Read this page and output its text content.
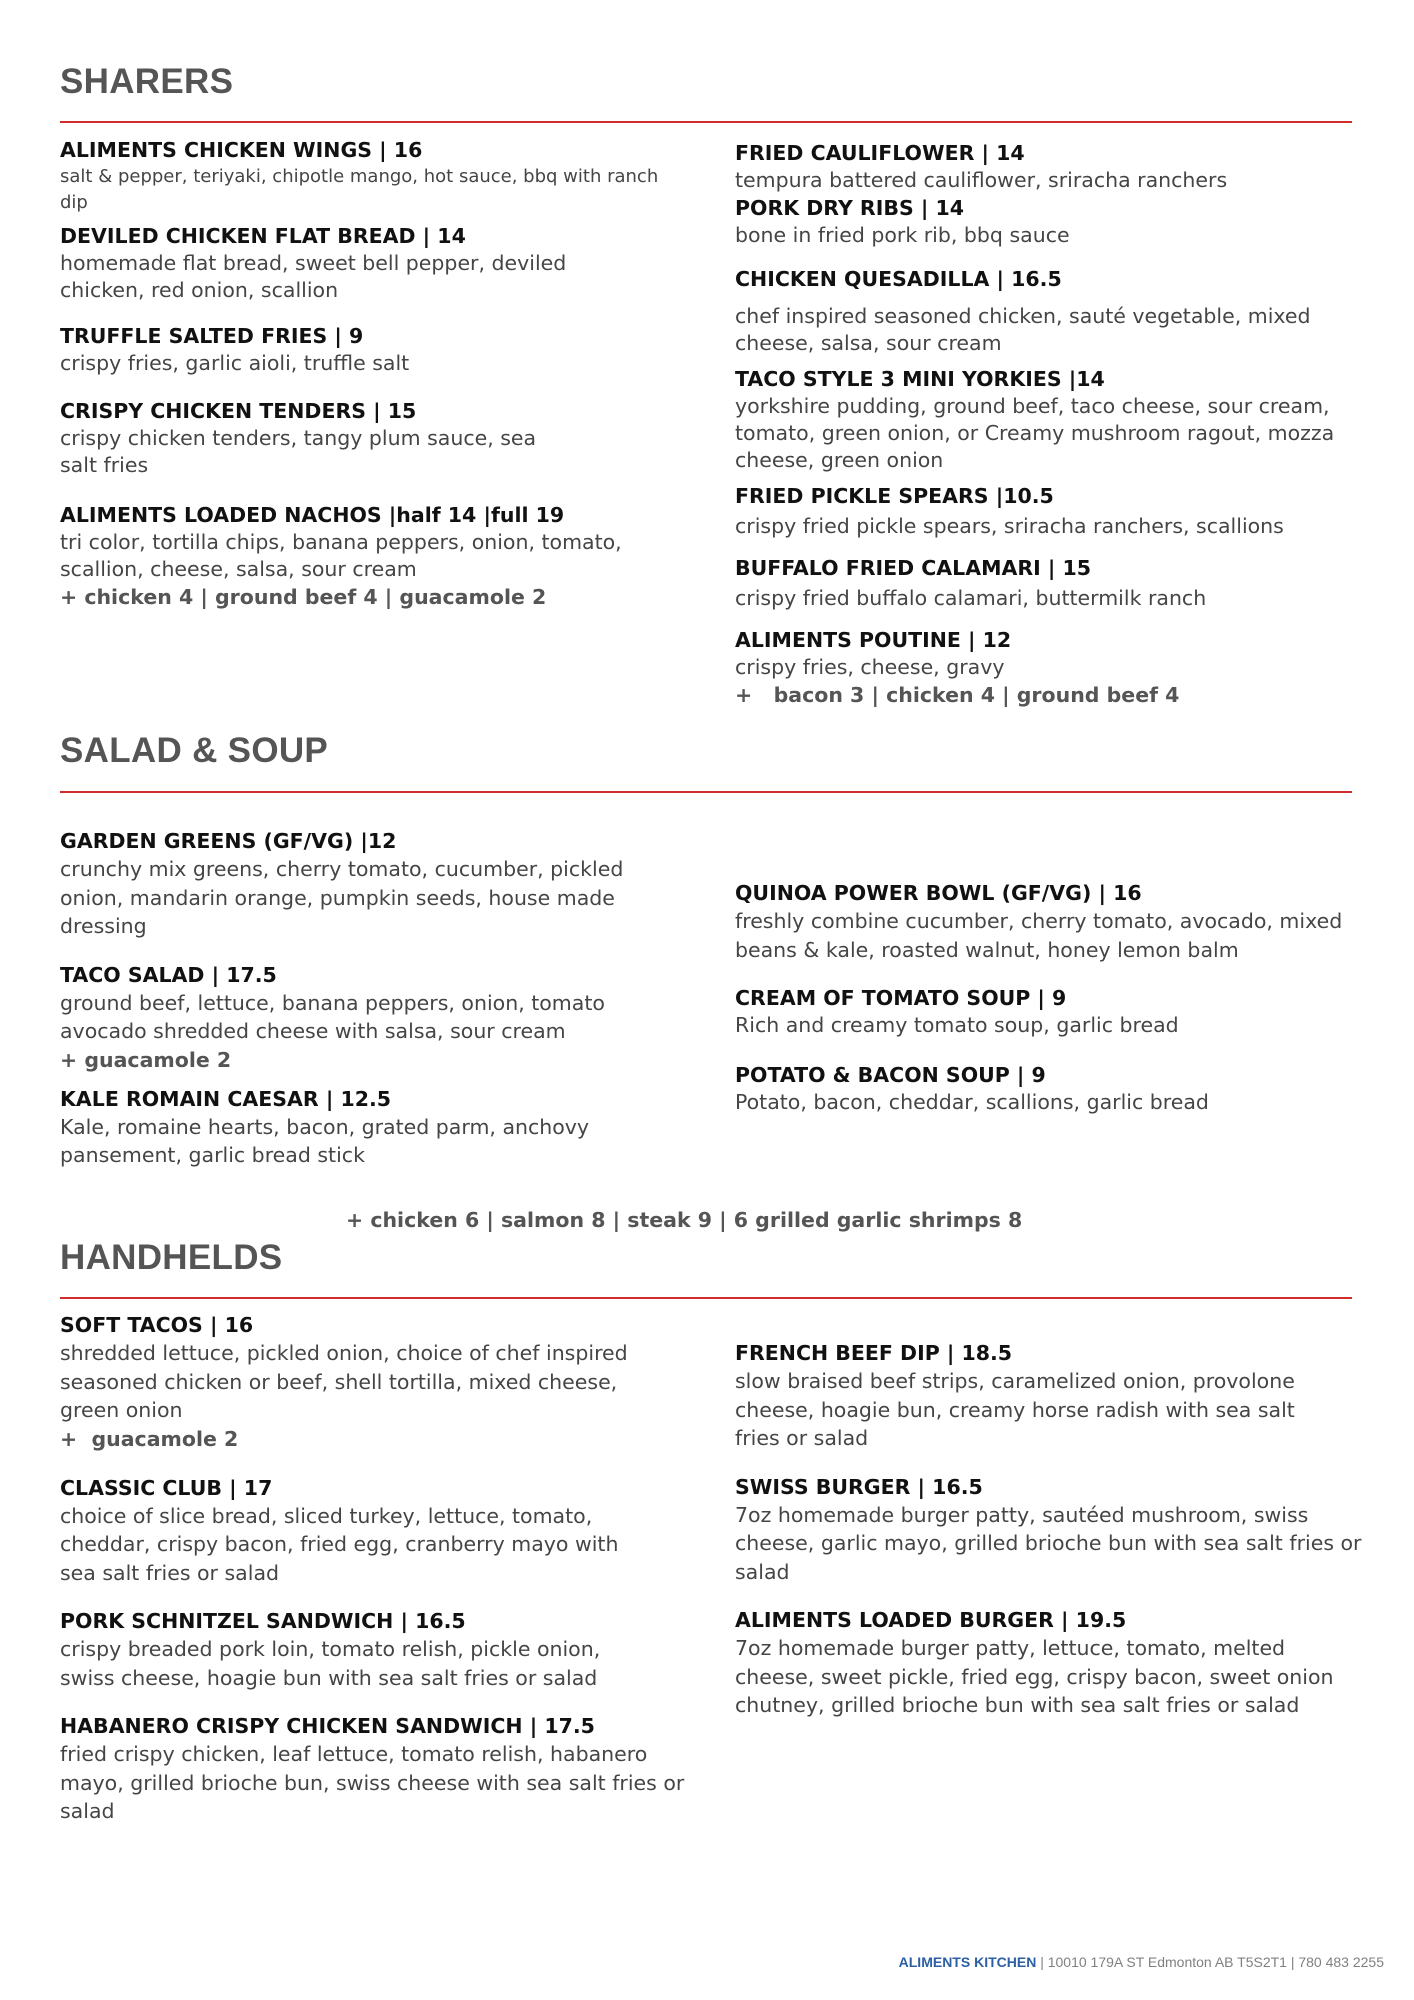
SHARERS
ALIMENTS CHICKEN WINGS | 16
salt & pepper, teriyaki, chipotle mango, hot sauce, bbq with ranch dip
DEVILED CHICKEN FLAT BREAD | 14
homemade flat bread, sweet bell pepper, deviled chicken, red onion, scallion
TRUFFLE SALTED FRIES | 9
crispy fries, garlic aioli, truffle salt
CRISPY CHICKEN TENDERS | 15
crispy chicken tenders, tangy plum sauce, sea salt fries
ALIMENTS LOADED NACHOS |half 14 |full 19
tri color, tortilla chips, banana peppers, onion, tomato, scallion, cheese, salsa, sour cream
+ chicken 4 | ground beef 4 | guacamole 2
FRIED CAULIFLOWER | 14
tempura battered cauliflower, sriracha ranchers
PORK DRY RIBS | 14
bone in fried pork rib, bbq sauce
CHICKEN QUESADILLA | 16.5
chef inspired seasoned chicken, sauté vegetable, mixed cheese, salsa, sour cream
TACO STYLE 3 MINI YORKIES |14
yorkshire pudding, ground beef, taco cheese, sour cream, tomato, green onion, or Creamy mushroom ragout, mozza cheese, green onion
FRIED PICKLE SPEARS |10.5
crispy fried pickle spears, sriracha ranchers, scallions
BUFFALO FRIED CALAMARI | 15
crispy fried buffalo calamari, buttermilk ranch
ALIMENTS POUTINE | 12
crispy fries, cheese, gravy
+   bacon 3 | chicken 4 | ground beef 4
SALAD & SOUP
GARDEN GREENS (GF/VG) |12
crunchy mix greens, cherry tomato, cucumber, pickled onion, mandarin orange, pumpkin seeds, house made dressing
TACO SALAD | 17.5
ground beef, lettuce, banana peppers, onion, tomato avocado shredded cheese with salsa, sour cream
+ guacamole 2
KALE ROMAIN CAESAR | 12.5
Kale, romaine hearts, bacon, grated parm, anchovy pansement, garlic bread stick
QUINOA POWER BOWL (GF/VG) | 16
freshly combine cucumber, cherry tomato, avocado, mixed beans & kale, roasted walnut, honey lemon balm
CREAM OF TOMATO SOUP | 9
Rich and creamy tomato soup, garlic bread
POTATO & BACON SOUP | 9
Potato, bacon, cheddar, scallions, garlic bread
+ chicken 6 | salmon 8 | steak 9 | 6 grilled garlic shrimps 8
HANDHELDS
SOFT TACOS | 16
shredded lettuce, pickled onion, choice of chef inspired seasoned chicken or beef, shell tortilla, mixed cheese, green onion
+  guacamole 2
CLASSIC CLUB | 17
choice of slice bread, sliced turkey, lettuce, tomato, cheddar, crispy bacon, fried egg, cranberry mayo with sea salt fries or salad
PORK SCHNITZEL SANDWICH | 16.5
crispy breaded pork loin, tomato relish, pickle onion, swiss cheese, hoagie bun with sea salt fries or salad
HABANERO CRISPY CHICKEN SANDWICH | 17.5
fried crispy chicken, leaf lettuce, tomato relish, habanero mayo, grilled brioche bun, swiss cheese with sea salt fries or salad
FRENCH BEEF DIP | 18.5
slow braised beef strips, caramelized onion, provolone cheese, hoagie bun, creamy horse radish with sea salt fries or salad
SWISS BURGER | 16.5
7oz homemade burger patty, sautéed mushroom, swiss cheese, garlic mayo, grilled brioche bun with sea salt fries or salad
ALIMENTS LOADED BURGER | 19.5
7oz homemade burger patty, lettuce, tomato, melted cheese, sweet pickle, fried egg, crispy bacon, sweet onion chutney, grilled brioche bun with sea salt fries or salad
ALIMENTS KITCHEN | 10010 179A ST Edmonton AB T5S2T1 | 780 483 2255
